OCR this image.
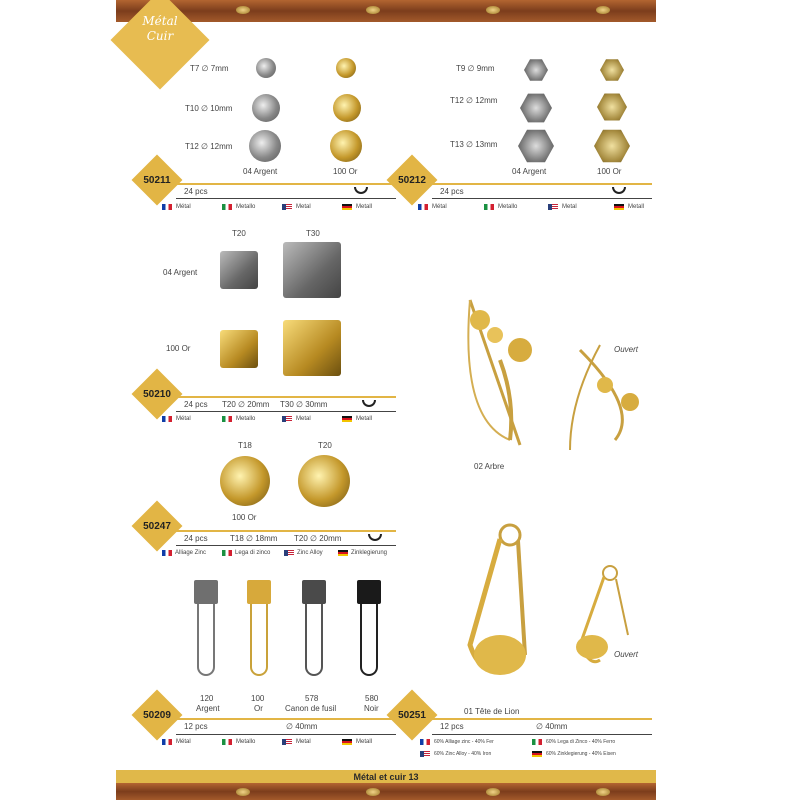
Métal
Cuir
T7 ∅ 7mm
T10 ∅ 10mm
T12 ∅ 12mm
04 Argent	100 Or
50211
24 pcs
Métal	Metallo	Metal	Metall
T9 ∅ 9mm
T12 ∅ 12mm
T13 ∅ 13mm
04 Argent	100 Or
50212
24 pcs
Métal	Metallo	Metal	Metall
T20	T30
04 Argent
100 Or
50210
24 pcs T20 ∅ 20mm T30 ∅ 30mm
Métal	Metallo	Metal	Metall
Ouvert
02 Arbre
T18	T20
100 Or
50247
24 pcs	T18 ∅ 18mm T20 ∅ 20mm
Alliage Zinc	Lega di zinco	Zinc Alloy	Zinklegierung
120
Argent
100
Or
578
Canon de fusil
580
Noir
50209
12 pcs	∅ 40mm
Métal	Metallo	Metal	Metall
Ouvert
01 Tête de Lion
50251
12 pcs	∅ 40mm
60% Alliage zinc - 40% Fer	60% Lega di Zinco - 40% Ferro
60% Zinc Alloy - 40% Iron	60% Zinklegierung - 40% Eisen
Métal et cuir 13
